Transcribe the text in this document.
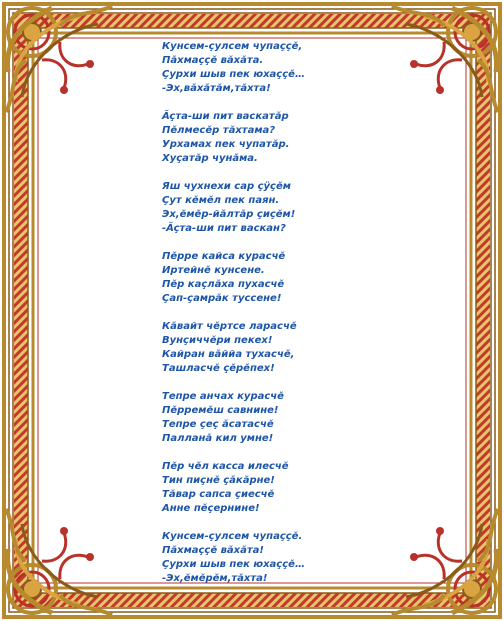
Кунсем-çулсем чупаççĕ,
Пăхмаççĕ вăхăта.
Çурхи шыв пек юхаççĕ…
-Эх,вăхăтăм,тăхта!
Ăçта-ши пит васкатăр
Пĕлмесĕр тăхтама?
Урхамах пек чупатăр.
Хуçатăр чунăма.
Яш чухнехи сар çÿçĕм
Çут кĕмĕл пек паян.
Эх,ĕмĕр-йăлтăр çиçĕм!
-Ăçта-ши пит васкан?
Пĕрре кайса курасчĕ
Иртейнĕ кунсене.
Пĕр каçлăха пухасчĕ
Çап-çамрăк туссене!
Кăвайт чĕртсе ларасчĕ
Вунçиччĕри пекех!
Кайран вăййа тухасчĕ,
Ташласчĕ çĕрĕпех!
Тепре анчах курасчĕ
Пĕрремĕш савнине!
Тепре çеç ăсатасчĕ
Палланă кил умне!
Пĕр чĕл касса илесчĕ
Тин пиçнĕ çăкăрне!
Тăвар сапса çиесчĕ
Анне пĕçернине!
Кунсем-çулсем чупаççĕ.
Пăхмаççĕ вăхăта!
Çурхи шыв пек юхаççĕ…
-Эх,ĕмĕрĕм,тăхта!
